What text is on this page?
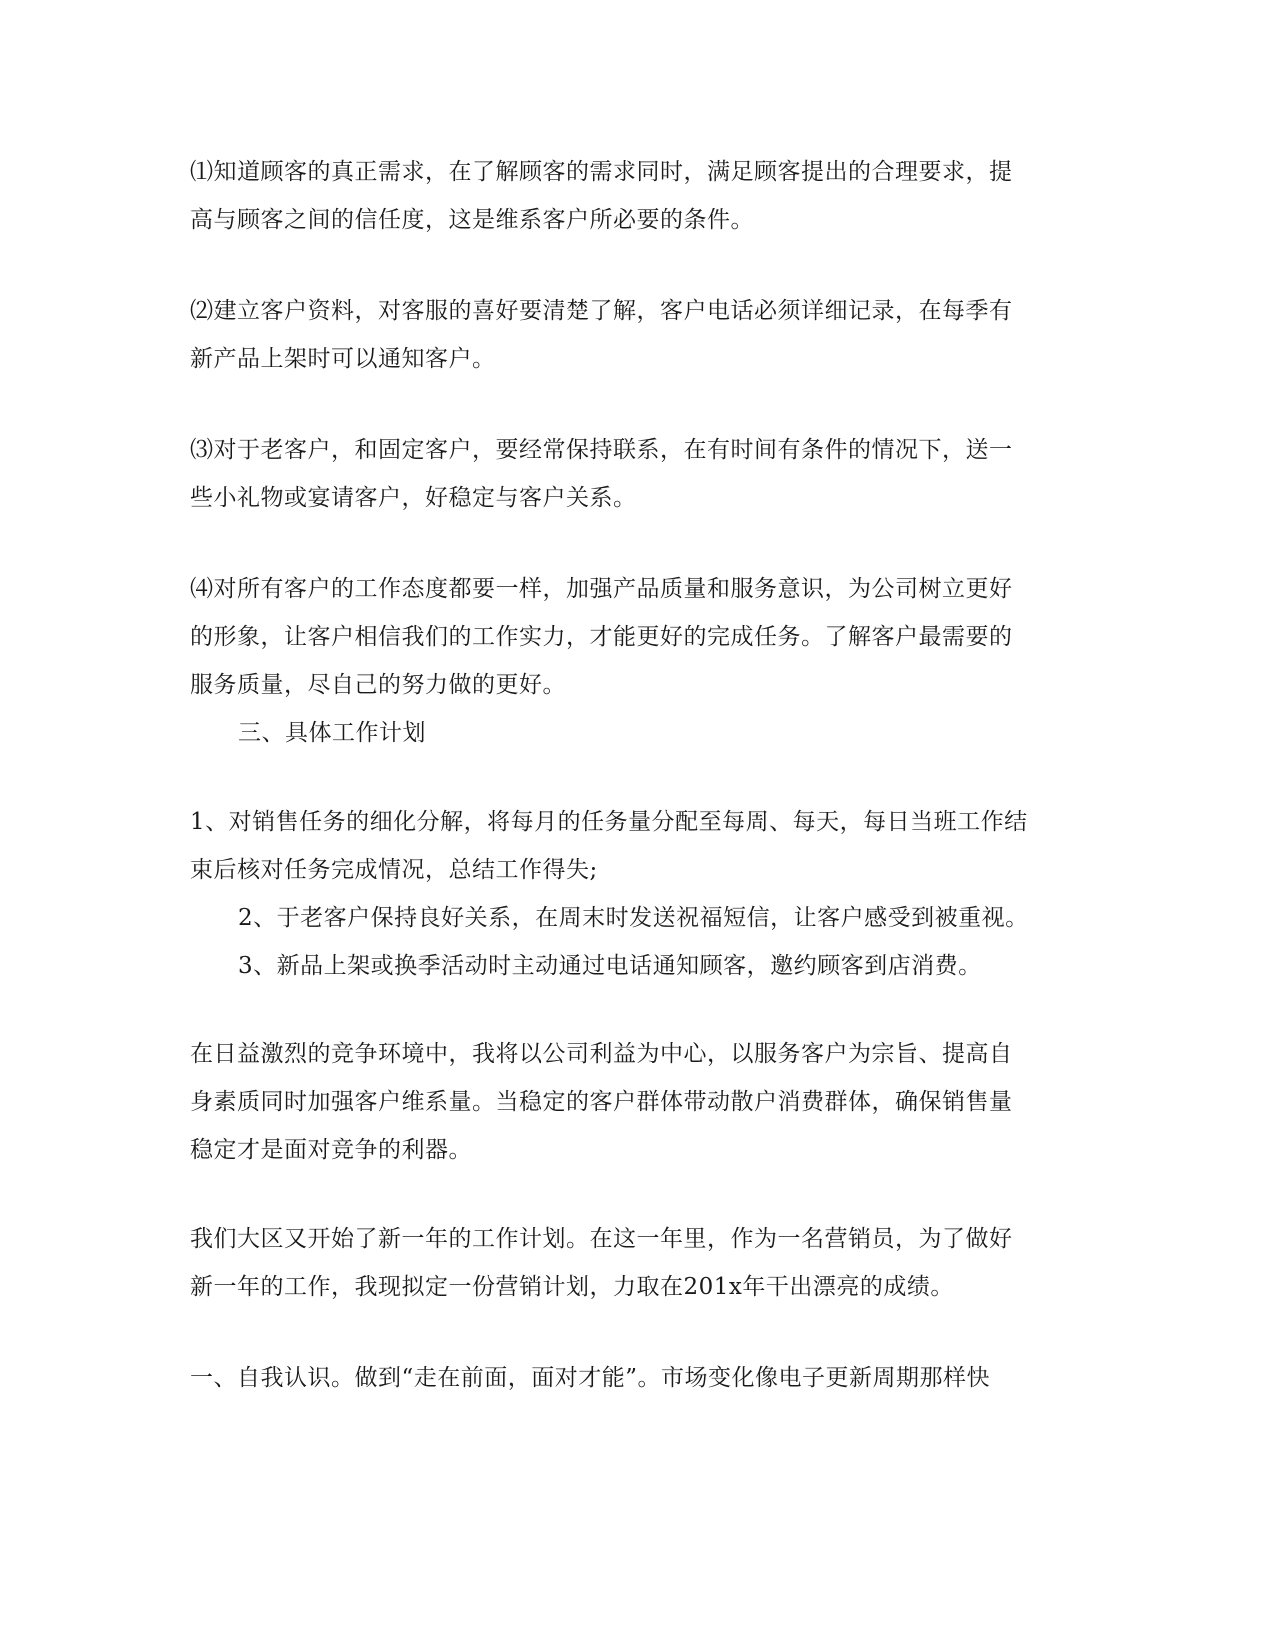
⑴知道顾客的真正需求，在了解顾客的需求同时，满足顾客提出的合理要求，提
高与顾客之间的信任度，这是维系客户所必要的条件。
⑵建立客户资料，对客服的喜好要清楚了解，客户电话必须详细记录，在每季有
新产品上架时可以通知客户。
⑶对于老客户，和固定客户，要经常保持联系，在有时间有条件的情况下，送一
些小礼物或宴请客户，好稳定与客户关系。
⑷对所有客户的工作态度都要一样，加强产品质量和服务意识，为公司树立更好
的形象，让客户相信我们的工作实力，才能更好的完成任务。了解客户最需要的
服务质量，尽自己的努力做的更好。
三、具体工作计划
1、对销售任务的细化分解，将每月的任务量分配至每周、每天，每日当班工作结
束后核对任务完成情况，总结工作得失;
2、于老客户保持良好关系，在周末时发送祝福短信，让客户感受到被重视。
3、新品上架或换季活动时主动通过电话通知顾客，邀约顾客到店消费。
在日益激烈的竞争环境中，我将以公司利益为中心，以服务客户为宗旨、提高自
身素质同时加强客户维系量。当稳定的客户群体带动散户消费群体，确保销售量
稳定才是面对竞争的利器。
我们大区又开始了新一年的工作计划。在这一年里，作为一名营销员，为了做好
新一年的工作，我现拟定一份营销计划，力取在201x年干出漂亮的成绩。
一、自我认识。做到“走在前面，面对才能”。市场变化像电子更新周期那样快
